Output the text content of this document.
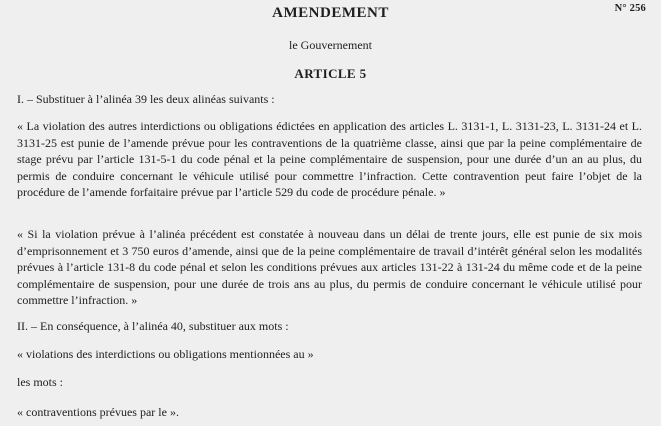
AMENDEMENT	N° 256
le Gouvernement
ARTICLE 5

I. – Substituer à l’alinéa 39 les deux alinéas suivants :

« La violation des autres interdictions ou obligations édictées en application des articles L. 3131-1, L. 3131-23, L. 3131-24 et L. 3131-25 est punie de l’amende prévue pour les contraventions de la quatrième classe, ainsi que par la peine complémentaire de stage prévu par l’article 131-5-1 du code pénal et la peine complémentaire de suspension, pour une durée d’un an au plus, du permis de conduire concernant le véhicule utilisé pour commettre l’infraction. Cette contravention peut faire l’objet de la procédure de l’amende forfaitaire prévue par l’article 529 du code de procédure pénale. »

« Si la violation prévue à l’alinéa précédent est constatée à nouveau dans un délai de trente jours, elle est punie de six mois d’emprisonnement et 3 750 euros d’amende, ainsi que de la peine complémentaire de travail d’intérêt général selon les modalités prévues à l’article 131-8 du code pénal et selon les conditions prévues aux articles 131-22 à 131-24 du même code et de la peine complémentaire de suspension, pour une durée de trois ans au plus, du permis de conduire concernant le véhicule utilisé pour commettre l’infraction. »

II. – En conséquence, à l’alinéa 40, substituer aux mots :

« violations des interdictions ou obligations mentionnées au »

les mots :

« contraventions prévues par le ».
